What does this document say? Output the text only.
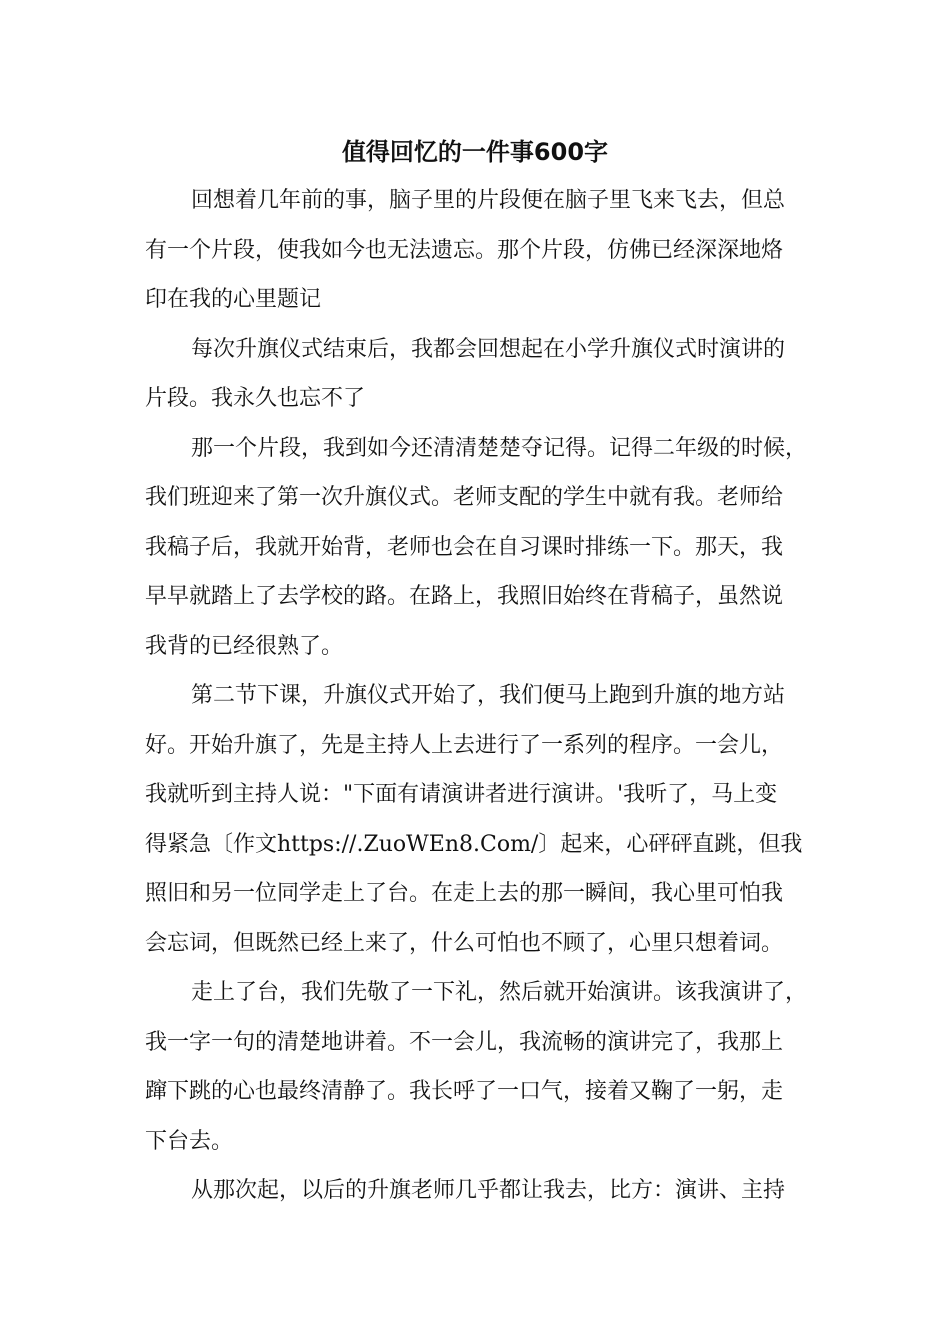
值得回忆的一件事600字
回想着几年前的事，脑子里的片段便在脑子里飞来飞去，但总
有一个片段，使我如今也无法遗忘。那个片段，仿佛已经深深地烙
印在我的心里题记
每次升旗仪式结束后，我都会回想起在小学升旗仪式时演讲的
片段。我永久也忘不了
那一个片段，我到如今还清清楚楚夺记得。记得二年级的时候，
我们班迎来了第一次升旗仪式。老师支配的学生中就有我。老师给
我稿子后，我就开始背，老师也会在自习课时排练一下。那天，我
早早就踏上了去学校的路。在路上，我照旧始终在背稿子，虽然说
我背的已经很熟了。
第二节下课，升旗仪式开始了，我们便马上跑到升旗的地方站
好。开始升旗了，先是主持人上去进行了一系列的程序。一会儿，
我就听到主持人说："下面有请演讲者进行演讲。'我听了，马上变
得紧急〔作文https://.ZuoWEn8.Com/〕起来，心砰砰直跳，但我
照旧和另一位同学走上了台。在走上去的那一瞬间，我心里可怕我
会忘词，但既然已经上来了，什么可怕也不顾了，心里只想着词。
走上了台，我们先敬了一下礼，然后就开始演讲。该我演讲了，
我一字一句的清楚地讲着。不一会儿，我流畅的演讲完了，我那上
蹿下跳的心也最终清静了。我长呼了一口气，接着又鞠了一躬，走
下台去。
从那次起，以后的升旗老师几乎都让我去，比方：演讲、主持
